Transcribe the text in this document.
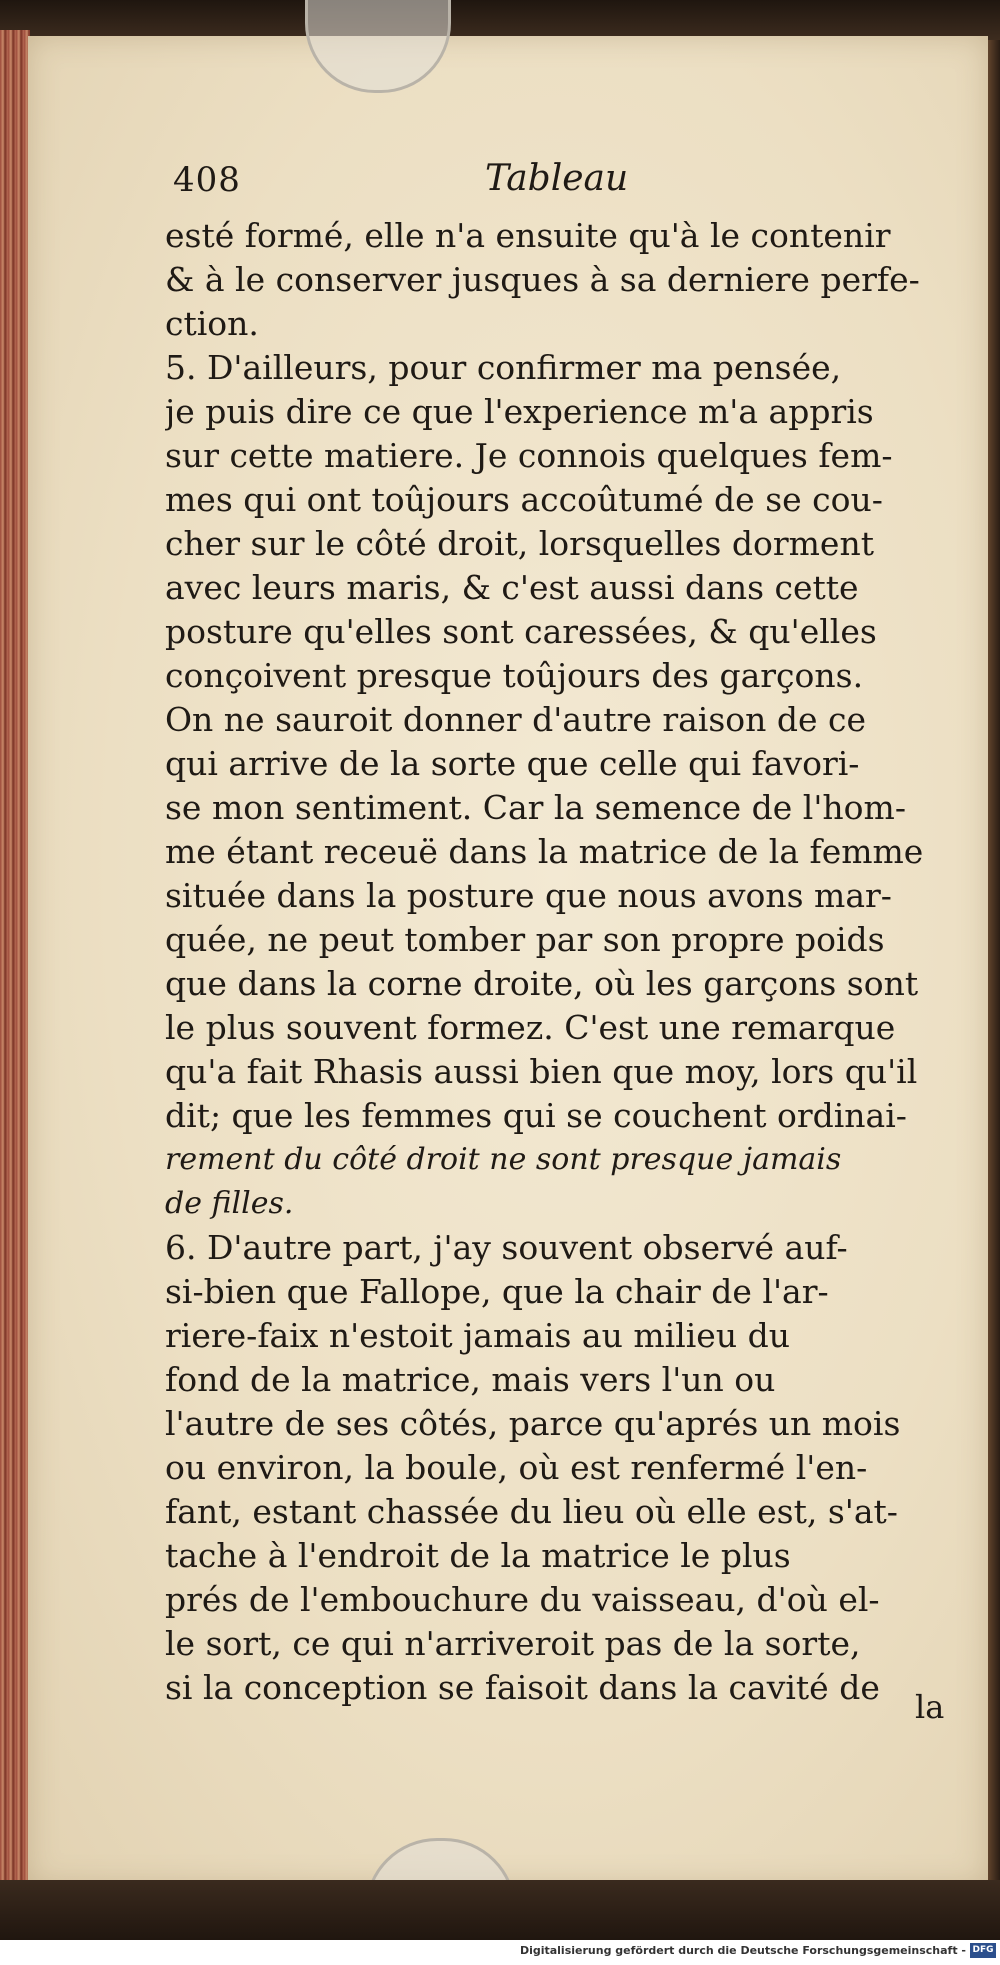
408	Tableau
esté formé, elle n'a ensuite qu'à le contenir
& à le conserver jusques à sa derniere perfe-
ction.
5. D'ailleurs, pour confirmer ma pensée,
je puis dire ce que l'experience m'a appris
sur cette matiere. Je connois quelques fem-
mes qui ont toûjours accoûtumé de se cou-
cher sur le côté droit, lorsquelles dorment
avec leurs maris, & c'est aussi dans cette
posture qu'elles sont caressées, & qu'elles
conçoivent presque toûjours des garçons.
On ne sauroit donner d'autre raison de ce
qui arrive de la sorte que celle qui favori-
se mon sentiment. Car la semence de l'hom-
me étant receuë dans la matrice de la femme
située dans la posture que nous avons mar-
quée, ne peut tomber par son propre poids
que dans la corne droite, où les garçons sont
le plus souvent formez. C'est une remarque
qu'a fait Rhasis aussi bien que moy, lors qu'il
dit; que les femmes qui se couchent ordinai-
rement du côté droit ne sont presque jamais
de filles.
6. D'autre part, j'ay souvent observé auf-
si-bien que Fallope, que la chair de l'ar-
riere-faix n'estoit jamais au milieu du
fond de la matrice, mais vers l'un ou
l'autre de ses côtés, parce qu'aprés un mois
ou environ, la boule, où est renfermé l'en-
fant, estant chassée du lieu où elle est, s'at-
tache à l'endroit de la matrice le plus
prés de l'embouchure du vaisseau, d'où el-
le sort, ce qui n'arriveroit pas de la sorte,
si la conception se faisoit dans la cavité de	la
Digitalisierung gefördert durch die Deutsche Forschungsgemeinschaft - DFG
